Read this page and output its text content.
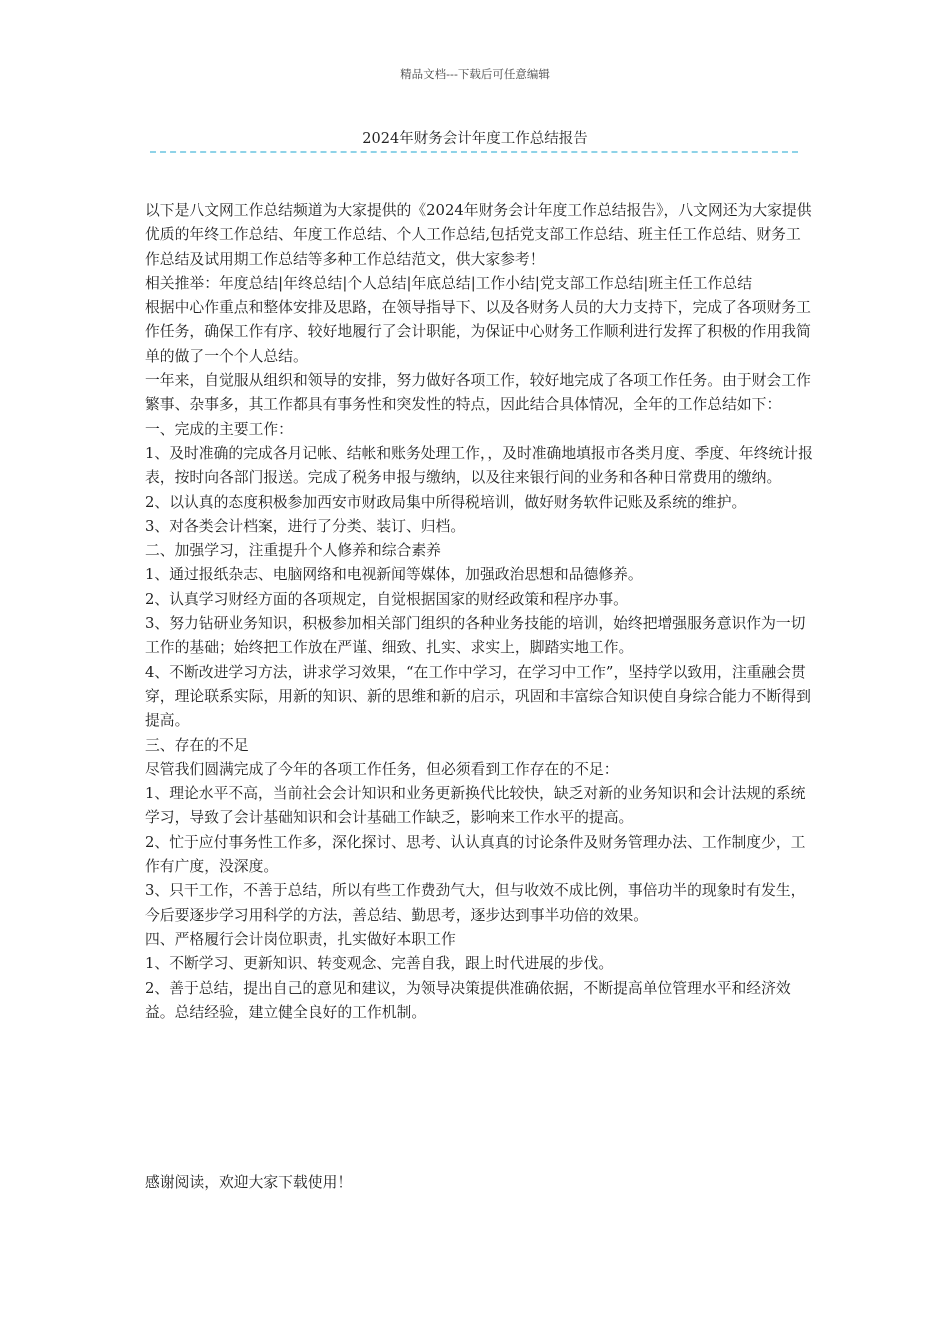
精品文档---下载后可任意编辑
2024年财务会计年度工作总结报告
以下是八文网工作总结频道为大家提供的《2024年财务会计年度工作总结报告》，八文网还为大家提供优质的年终工作总结、年度工作总结、个人工作总结,包括党支部工作总结、班主任工作总结、财务工作总结及试用期工作总结等多种工作总结范文，供大家参考！
相关推举：年度总结|年终总结|个人总结|年底总结|工作小结|党支部工作总结|班主任工作总结
根据中心作重点和整体安排及思路，在领导指导下、以及各财务人员的大力支持下，完成了各项财务工作任务，确保工作有序、较好地履行了会计职能，为保证中心财务工作顺利进行发挥了积极的作用我简单的做了一个个人总结。
一年来，自觉服从组织和领导的安排，努力做好各项工作，较好地完成了各项工作任务。由于财会工作繁事、杂事多，其工作都具有事务性和突发性的特点，因此结合具体情况，全年的工作总结如下：
一、完成的主要工作：
1、及时准确的完成各月记帐、结帐和账务处理工作，，及时准确地填报市各类月度、季度、年终统计报表，按时向各部门报送。完成了税务申报与缴纳，以及往来银行间的业务和各种日常费用的缴纳。
2、以认真的态度积极参加西安市财政局集中所得税培训，做好财务软件记账及系统的维护。
3、对各类会计档案，进行了分类、装订、归档。
二、加强学习，注重提升个人修养和综合素养
1、通过报纸杂志、电脑网络和电视新闻等媒体，加强政治思想和品德修养。
2、认真学习财经方面的各项规定，自觉根据国家的财经政策和程序办事。
3、努力钻研业务知识，积极参加相关部门组织的各种业务技能的培训，始终把增强服务意识作为一切工作的基础；始终把工作放在严谨、细致、扎实、求实上，脚踏实地工作。
4、不断改进学习方法，讲求学习效果，“在工作中学习，在学习中工作”，坚持学以致用，注重融会贯穿，理论联系实际，用新的知识、新的思维和新的启示，巩固和丰富综合知识使自身综合能力不断得到提高。
三、存在的不足
尽管我们圆满完成了今年的各项工作任务，但必须看到工作存在的不足：
1、理论水平不高，当前社会会计知识和业务更新换代比较快，缺乏对新的业务知识和会计法规的系统学习，导致了会计基础知识和会计基础工作缺乏，影响来工作水平的提高。
2、忙于应付事务性工作多，深化探讨、思考、认认真真的讨论条件及财务管理办法、工作制度少，工作有广度，没深度。
3、只干工作，不善于总结，所以有些工作费劲气大，但与收效不成比例，事倍功半的现象时有发生，今后要逐步学习用科学的方法，善总结、勤思考，逐步达到事半功倍的效果。
四、严格履行会计岗位职责，扎实做好本职工作
1、不断学习、更新知识、转变观念、完善自我，跟上时代进展的步伐。
2、善于总结，提出自己的意见和建议，为领导决策提供准确依据，不断提高单位管理水平和经济效益。总结经验，建立健全良好的工作机制。
感谢阅读，欢迎大家下载使用！
